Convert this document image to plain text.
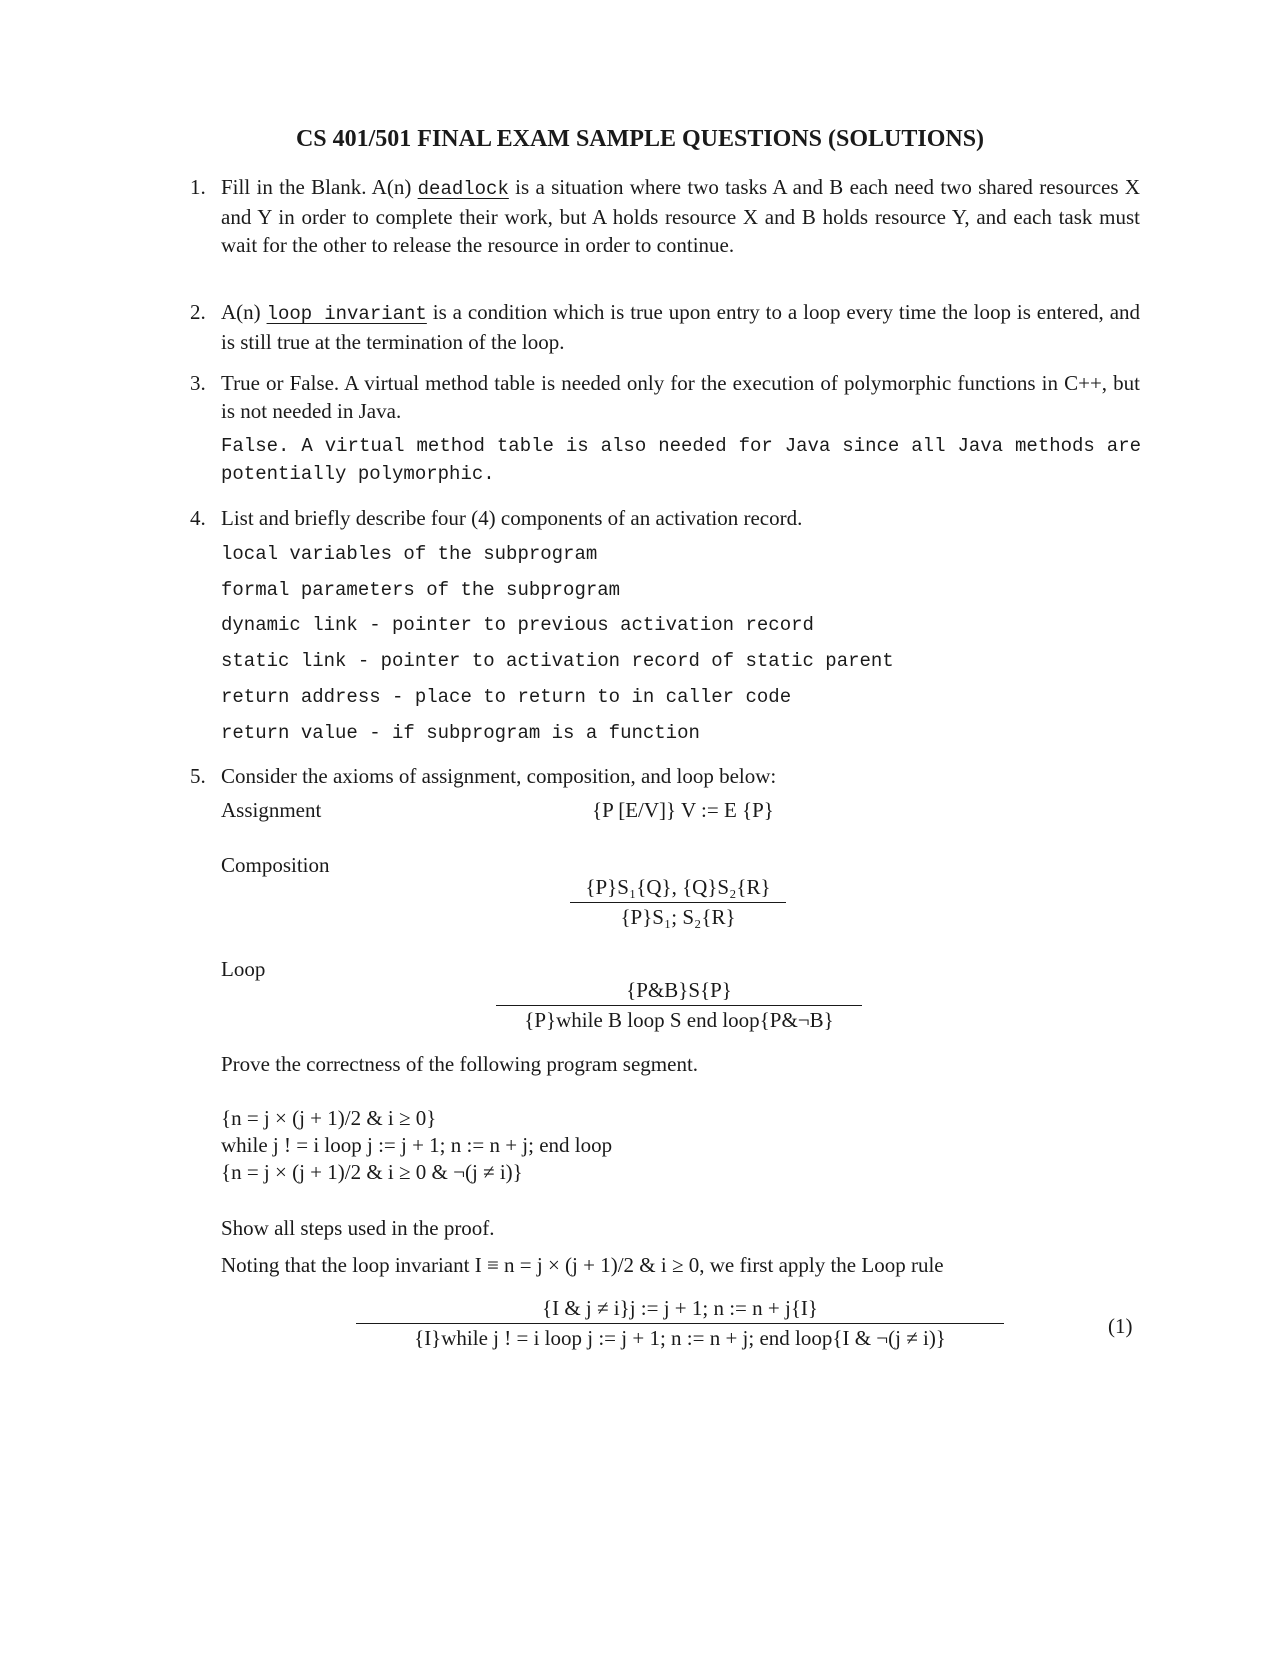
CS 401/501 FINAL EXAM SAMPLE QUESTIONS (SOLUTIONS)
1. Fill in the Blank. A(n) deadlock is a situation where two tasks A and B each need two shared resources X and Y in order to complete their work, but A holds resource X and B holds resource Y, and each task must wait for the other to release the resource in order to continue.
2. A(n) loop invariant is a condition which is true upon entry to a loop every time the loop is entered, and is still true at the termination of the loop.
3. True or False. A virtual method table is needed only for the execution of polymorphic functions in C++, but is not needed in Java.
False. A virtual method table is also needed for Java since all Java methods are potentially polymorphic.
4. List and briefly describe four (4) components of an activation record.
local variables of the subprogram
formal parameters of the subprogram
dynamic link - pointer to previous activation record
static link - pointer to activation record of static parent
return address - place to return to in caller code
return value - if subprogram is a function
5. Consider the axioms of assignment, composition, and loop below:
Assignment	{P [E/V]} V := E {P}
Composition
$\frac{\text{\{P\}S₁\{Q\}, \{Q\}S₂\{R\}}}{\text{\{P\}S₁; S₂\{R\}}}$
Loop
{P&B}S{P}
{P}while B loop S end loop{P&¬B}
Prove the correctness of the following program segment.
{n = j × (j + 1)/2 & i ≥ 0}
while j ! = i loop j := j + 1; n := n + j; end loop
{n = j × (j + 1)/2 & i ≥ 0 & ¬(j ≠ i)}
Show all steps used in the proof.
Noting that the loop invariant I ≡ n = j × (j + 1)/2 & i ≥ 0, we first apply the Loop rule
{I & j ≠ i}j := j + 1; n := n + j{I}
{I}while j ! = i loop j := j + 1; n := n + j; end loop{I & ¬(j ≠ i)}	(1)
